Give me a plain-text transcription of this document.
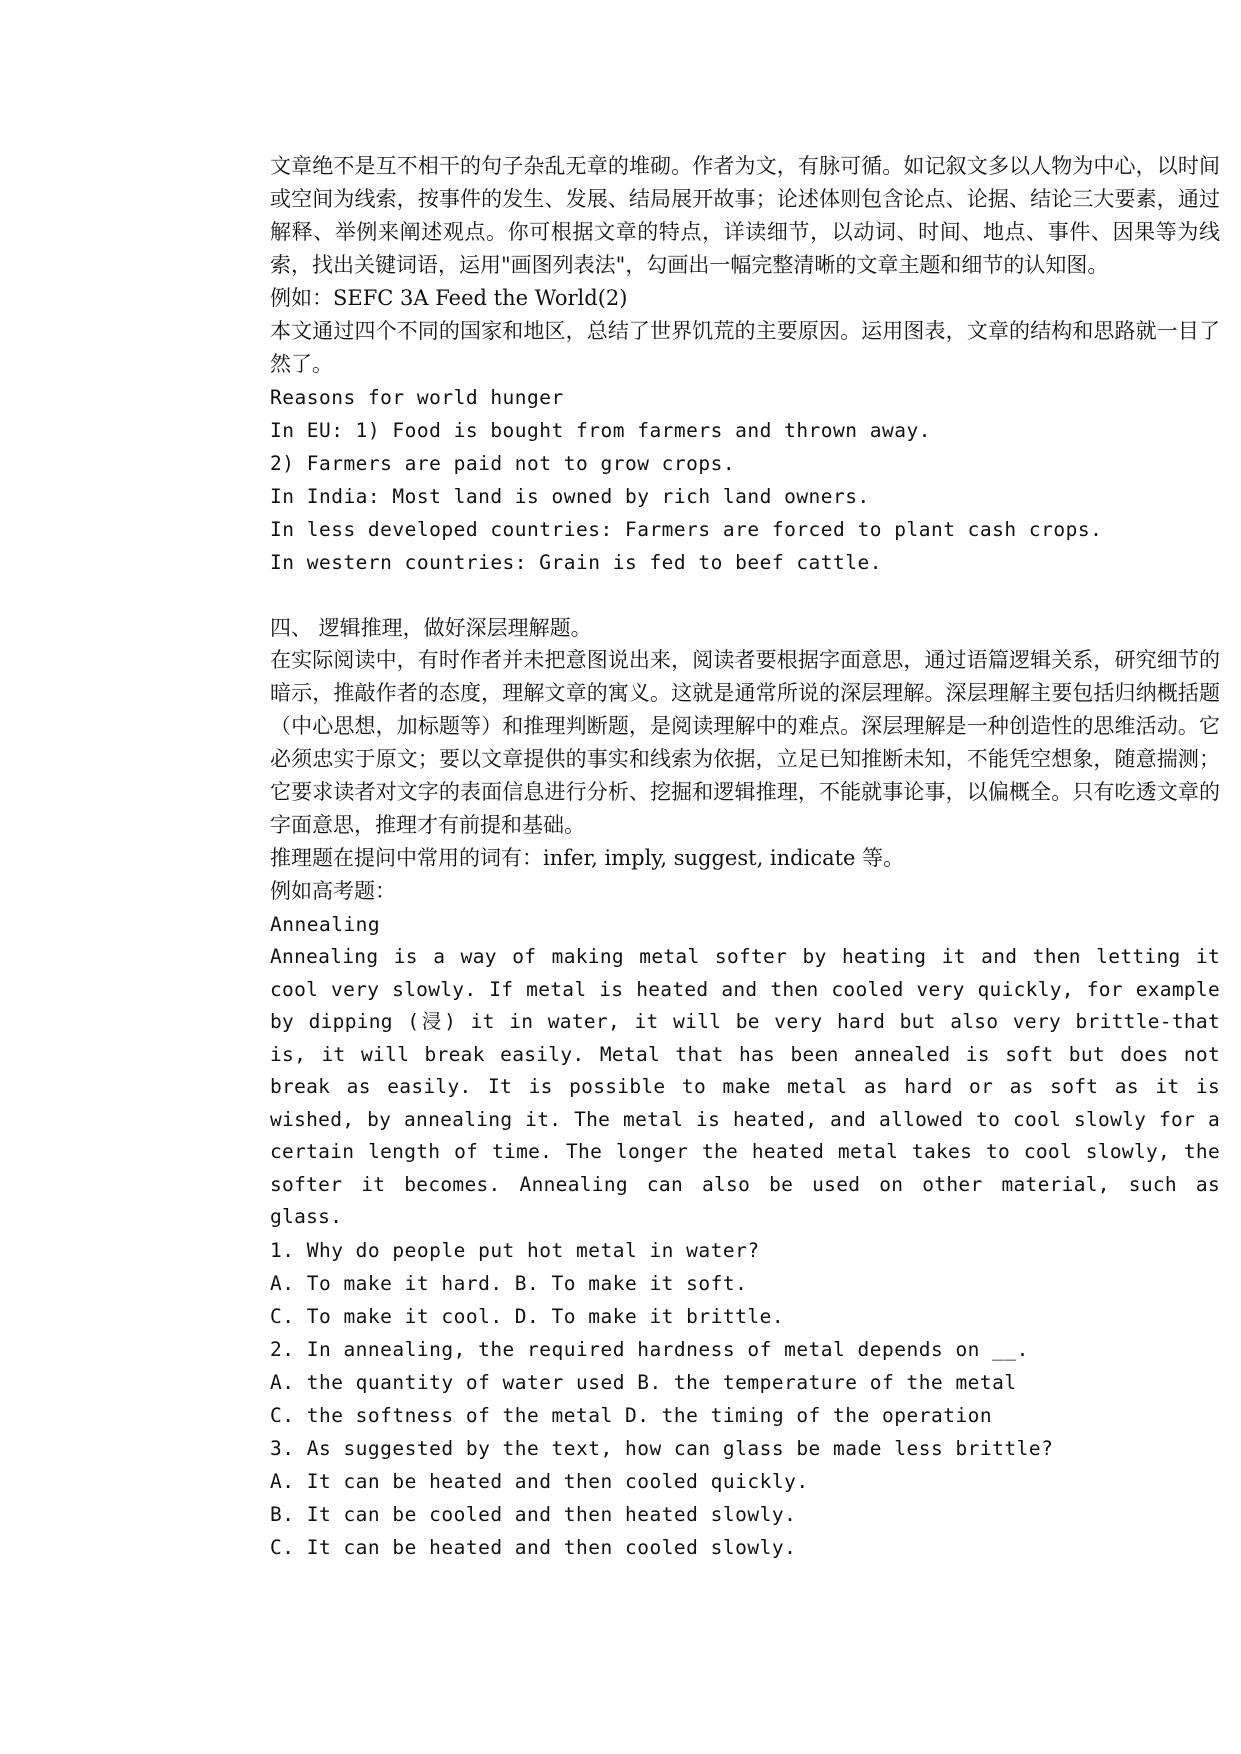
文章绝不是互不相干的句子杂乱无章的堆砌。作者为文，有脉可循。如记叙文多以人物为中心，以时间或空间为线索，按事件的发生、发展、结局展开故事；论述体则包含论点、论据、结论三大要素，通过解释、举例来阐述观点。你可根据文章的特点，详读细节，以动词、时间、地点、事件、因果等为线索，找出关键词语，运用"画图列表法"，勾画出一幅完整清晰的文章主题和细节的认知图。

例如：SEFC 3A Feed the World(2)

本文通过四个不同的国家和地区，总结了世界饥荒的主要原因。运用图表，文章的结构和思路就一目了然了。

Reasons for world hunger

In EU: 1) Food is bought from farmers and thrown away.

2) Farmers are paid not to grow crops.

In India: Most land is owned by rich land owners.

In less developed countries: Farmers are forced to plant cash crops.

In western countries: Grain is fed to beef cattle.

四、 逻辑推理，做好深层理解题。

在实际阅读中，有时作者并未把意图说出来，阅读者要根据字面意思，通过语篇逻辑关系，研究细节的暗示，推敲作者的态度，理解文章的寓义。这就是通常所说的深层理解。深层理解主要包括归纳概括题（中心思想，加标题等）和推理判断题，是阅读理解中的难点。深层理解是一种创造性的思维活动。它必须忠实于原文；要以文章提供的事实和线索为依据，立足已知推断未知，不能凭空想象，随意揣测；它要求读者对文字的表面信息进行分析、挖掘和逻辑推理，不能就事论事，以偏概全。只有吃透文章的字面意思，推理才有前提和基础。

推理题在提问中常用的词有：infer, imply, suggest, indicate 等。

例如高考题：

Annealing

Annealing is a way of making metal softer by heating it and then letting it cool very slowly. If metal is heated and then cooled very quickly, for example by dipping (浸) it in water, it will be very hard but also very brittle-that is, it will break easily. Metal that has been annealed is soft but does not break as easily. It is possible to make metal as hard or as soft as it is wished, by annealing it. The metal is heated, and allowed to cool slowly for a certain length of time. The longer the heated metal takes to cool slowly, the softer it becomes. Annealing can also be used on other material, such as glass.

1. Why do people put hot metal in water?

A. To make it hard. B. To make it soft.

C. To make it cool. D. To make it brittle.

2. In annealing, the required hardness of metal depends on __.

A. the quantity of water used B. the temperature of the metal

C. the softness of the metal D. the timing of the operation

3. As suggested by the text, how can glass be made less brittle?

A. It can be heated and then cooled quickly.

B. It can be cooled and then heated slowly.

C. It can be heated and then cooled slowly.
